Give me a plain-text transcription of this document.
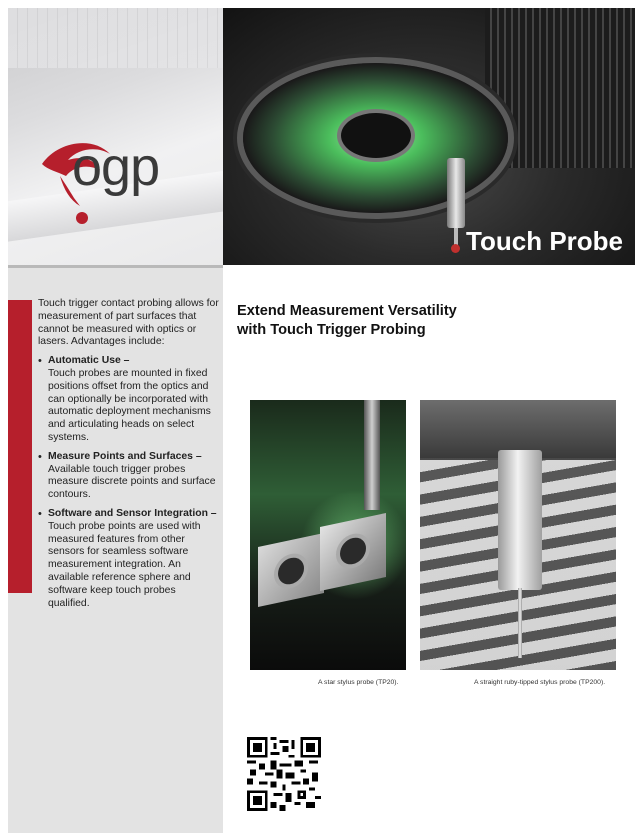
ogp
Touch Probe

Touch trigger contact probing allows for measurement of part surfaces that cannot be measured with optics or lasers. Advantages include:

• Automatic Use –
Touch probes are mounted in fixed positions offset from the optics and can optionally be incorporated with automatic deployment mechanisms and articulating heads on select systems.
• Measure Points and Surfaces –
Available touch trigger probes measure discrete points and surface contours.
• Software and Sensor Integration –
Touch probe points are used with measured features from other sensors for seamless software measurement integration. An available reference sphere and software keep touch probes qualified.
Extend Measurement Versatility
with Touch Trigger Probing
A star stylus probe (TP20).	A straight ruby-tipped stylus probe (TP200).
